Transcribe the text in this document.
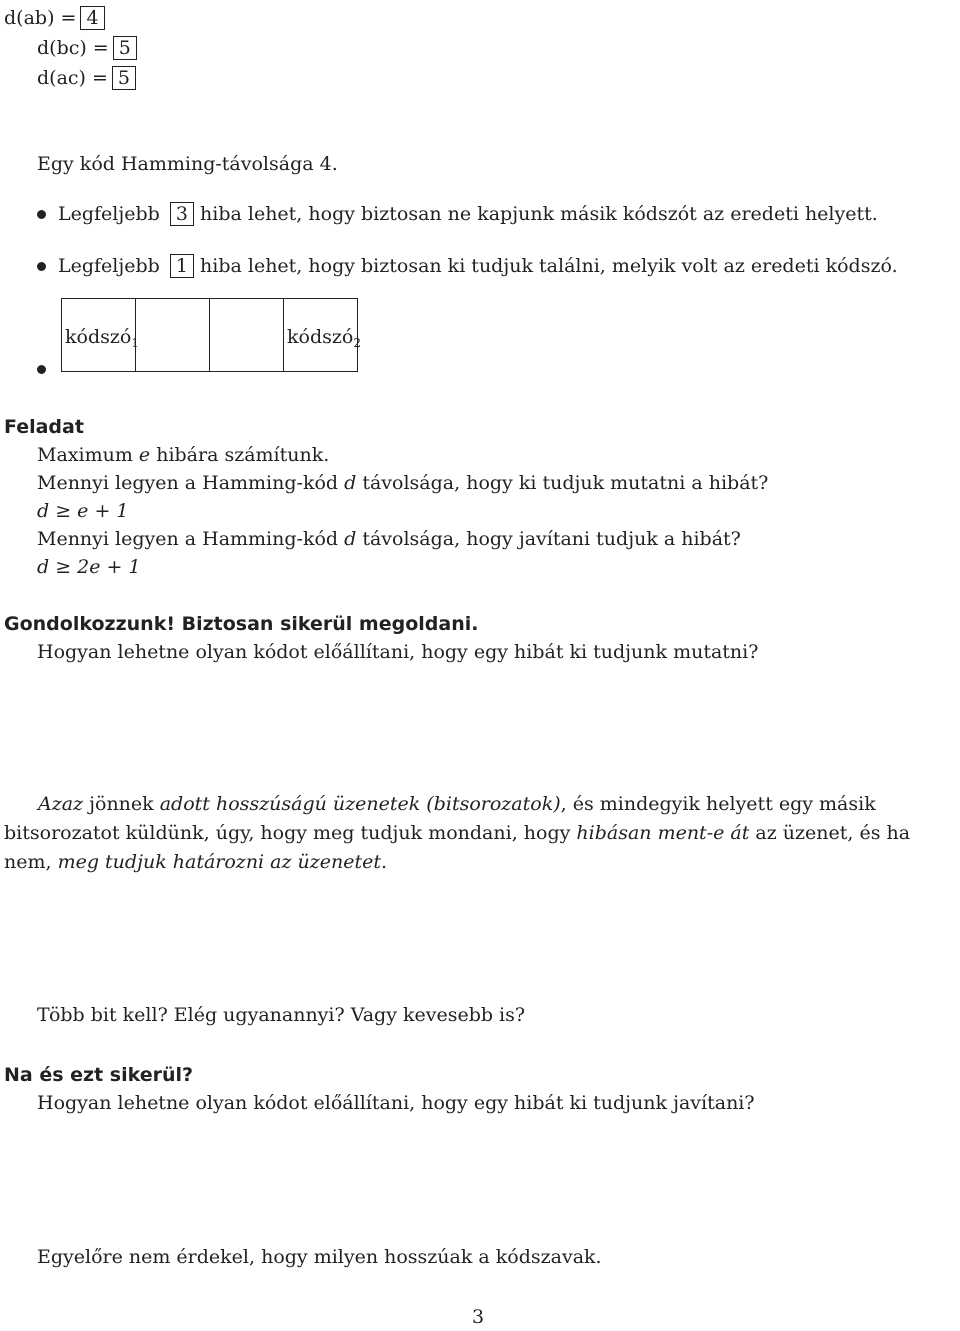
d(ab) = 4
d(bc) = 5
d(ac) = 5
Egy kód Hamming-távolsága 4.
Legfeljebb 3 hiba lehet, hogy biztosan ne kapjunk másik kódszót az eredeti helyett.
Legfeljebb 1 hiba lehet, hogy biztosan ki tudjuk találni, melyik volt az eredeti kódszó.
kódszó$_1$	kódszó$_2$
Feladat
Maximum e hibára számítunk.
Mennyi legyen a Hamming-kód d távolsága, hogy ki tudjuk mutatni a hibát?
d ≥ e + 1
Mennyi legyen a Hamming-kód d távolsága, hogy javítani tudjuk a hibát?
d ≥ 2e + 1
Gondolkozzunk! Biztosan sikerül megoldani.
Hogyan lehetne olyan kódot előállítani, hogy egy hibát ki tudjunk mutatni?
Azaz jönnek adott hosszúságú üzenetek (bitsorozatok), és mindegyik helyett egy másik bitsorozatot küldünk, úgy, hogy meg tudjuk mondani, hogy hibásan ment-e át az üzenet, és ha nem, meg tudjuk határozni az üzenetet.
Több bit kell? Elég ugyanannyi? Vagy kevesebb is?
Na és ezt sikerül?
Hogyan lehetne olyan kódot előállítani, hogy egy hibát ki tudjunk javítani?
Egyelőre nem érdekel, hogy milyen hosszúak a kódszavak.
3
